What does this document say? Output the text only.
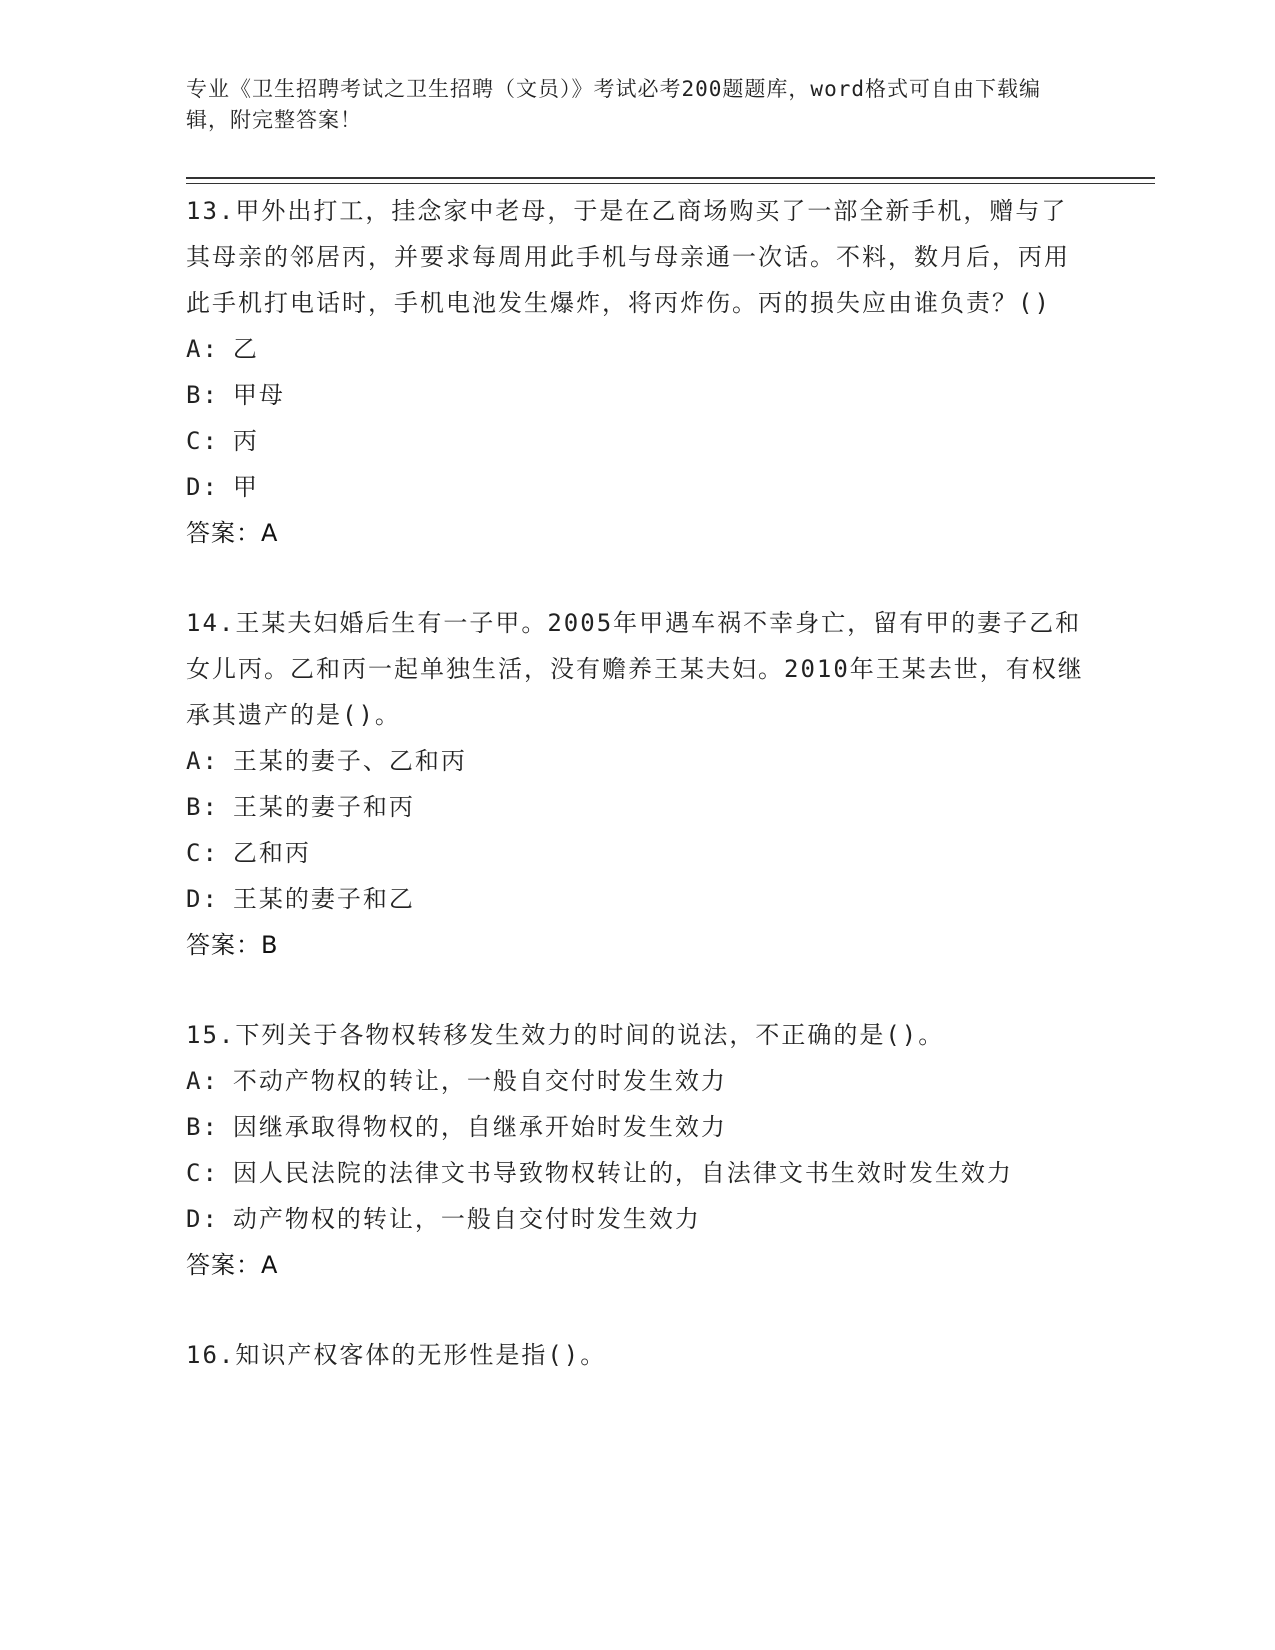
专业《卫生招聘考试之卫生招聘（文员）》考试必考200题题库，word格式可自由下载编辑，附完整答案！

13.甲外出打工，挂念家中老母，于是在乙商场购买了一部全新手机，赠与了其母亲的邻居丙，并要求每周用此手机与母亲通一次话。不料，数月后，丙用此手机打电话时，手机电池发生爆炸，将丙炸伤。丙的损失应由谁负责？()

A: 乙
B: 甲母
C: 丙
D: 甲

答案：A

14.王某夫妇婚后生有一子甲。2005年甲遇车祸不幸身亡，留有甲的妻子乙和女儿丙。乙和丙一起单独生活，没有赡养王某夫妇。2010年王某去世，有权继承其遗产的是()。

A: 王某的妻子、乙和丙
B: 王某的妻子和丙
C: 乙和丙
D: 王某的妻子和乙

答案：B

15.下列关于各物权转移发生效力的时间的说法，不正确的是()。

A: 不动产物权的转让，一般自交付时发生效力
B: 因继承取得物权的，自继承开始时发生效力
C: 因人民法院的法律文书导致物权转让的，自法律文书生效时发生效力
D: 动产物权的转让，一般自交付时发生效力

答案：A

16.知识产权客体的无形性是指()。
